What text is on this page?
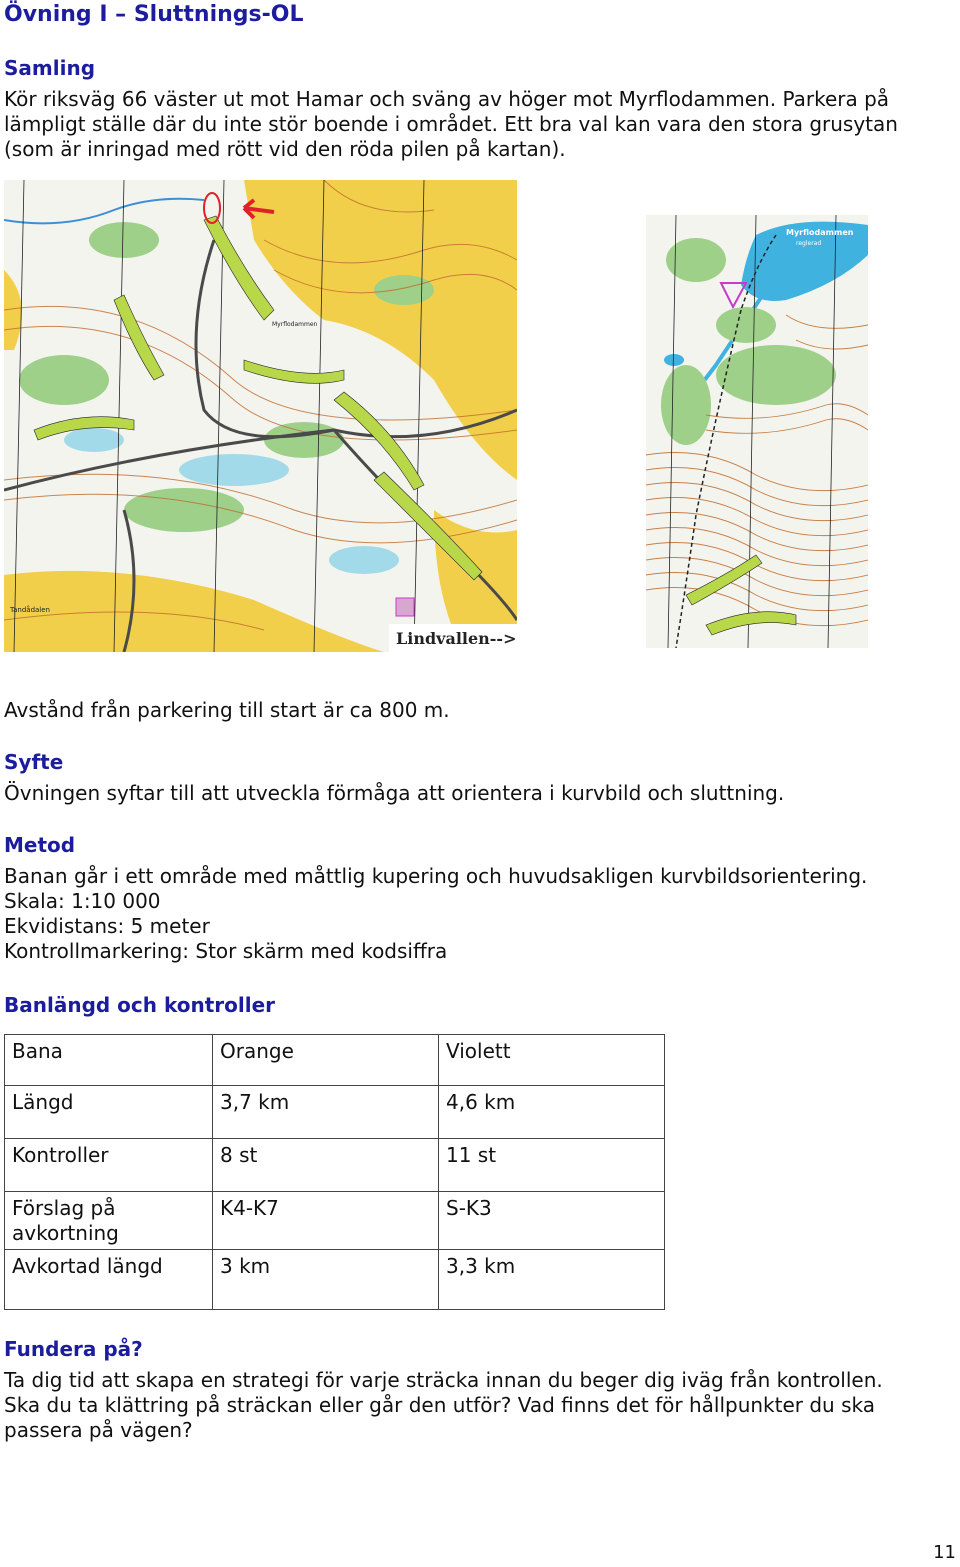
Övning I – Sluttnings-OL
Samling
Kör riksväg 66 väster ut mot Hamar och sväng av höger mot Myrflodammen. Parkera på
lämpligt ställe där du inte stör boende i området. Ett bra val kan vara den stora grusytan
(som är inringad med rött vid den röda pilen på kartan).
Lindvallen-->
Tandådalen
Myrflodammen
Myrflodammen
reglerad
Avstånd från parkering till start är ca 800 m.
Syfte
Övningen syftar till att utveckla förmåga att orientera i kurvbild och sluttning.
Metod
Banan går i ett område med måttlig kupering och huvudsakligen kurvbildsorientering.
Skala: 1:10 000
Ekvidistans: 5 meter
Kontrollmarkering: Stor skärm med kodsiffra
Banlängd och kontroller
Bana	Orange	Violett
Längd	3,7 km	4,6 km
Kontroller	8 st	11 st
Förslag på avkortning	K4-K7	S-K3
Avkortad längd	3 km	3,3 km
Fundera på?
Ta dig tid att skapa en strategi för varje sträcka innan du beger dig iväg från kontrollen.
Ska du ta klättring på sträckan eller går den utför? Vad finns det för hållpunkter du ska
passera på vägen?
11
